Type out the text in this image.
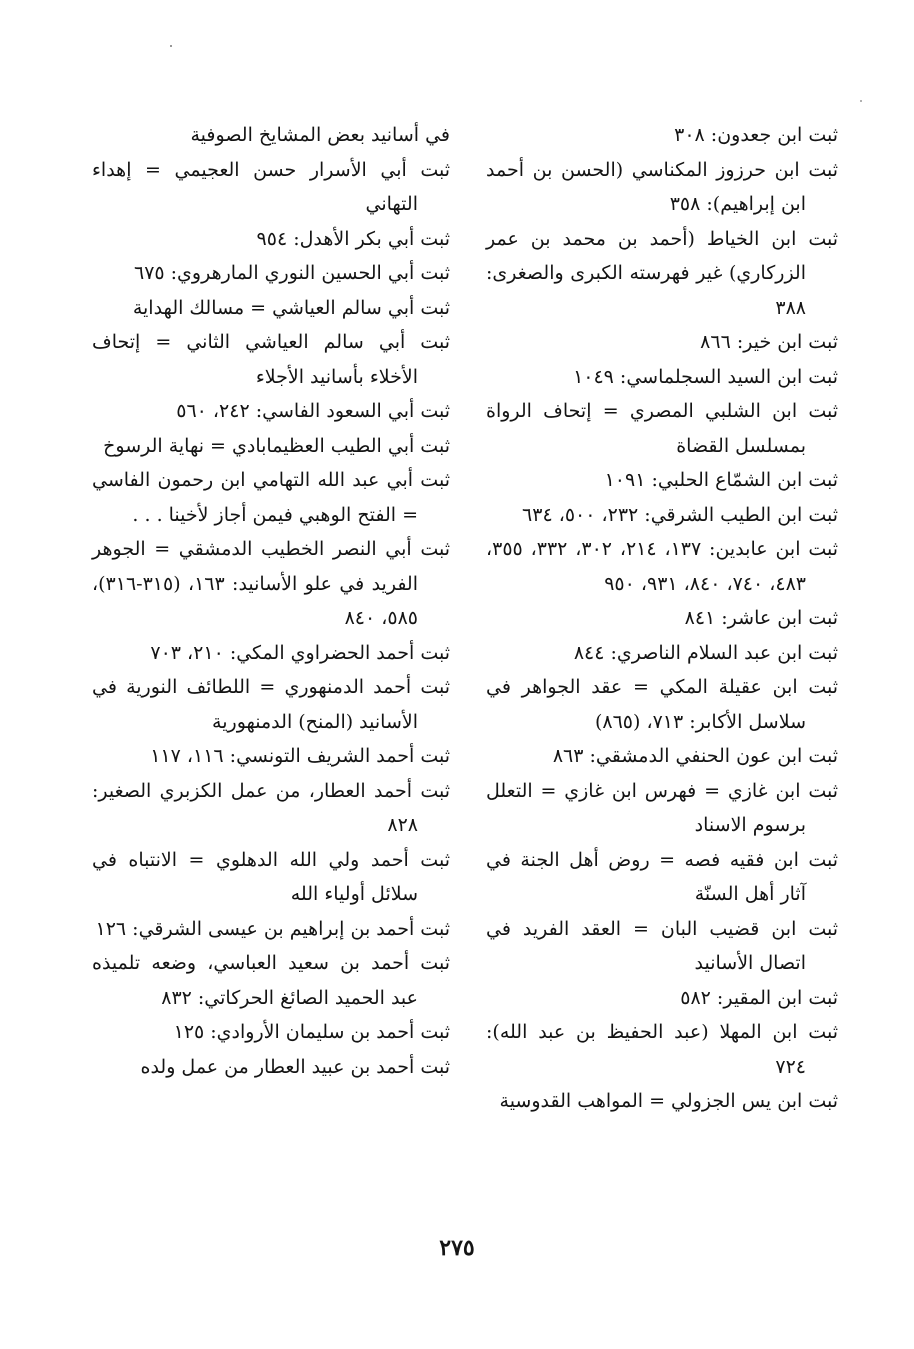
ثبت ابن جعدون: ٣٠٨
ثبت ابن حرزوز المكناسي (الحسن بن أحمد ابن إبراهيم): ٣٥٨
ثبت ابن الخياط (أحمد بن محمد بن عمر الزركاري) غير فهرسته الكبرى والصغرى: ٣٨٨
ثبت ابن خير: ٨٦٦
ثبت ابن السيد السجلماسي: ١٠٤٩
ثبت ابن الشلبي المصري = إتحاف الرواة بمسلسل القضاة
ثبت ابن الشمّاع الحلبي: ١٠٩١
ثبت ابن الطيب الشرقي: ٢٣٢، ٥٠٠، ٦٣٤
ثبت ابن عابدين: ١٣٧، ٢١٤، ٣٠٢، ٣٣٢، ٣٥٥، ٤٨٣، ٧٤٠، ٨٤٠، ٩٣١، ٩٥٠
ثبت ابن عاشر: ٨٤١
ثبت ابن عبد السلام الناصري: ٨٤٤
ثبت ابن عقيلة المكي = عقد الجواهر في سلاسل الأكابر: ٧١٣، (٨٦٥)
ثبت ابن عون الحنفي الدمشقي: ٨٦٣
ثبت ابن غازي = فهرس ابن غازي = التعلل برسوم الاسناد
ثبت ابن فقيه فصه = روض أهل الجنة في آثار أهل السنّة
ثبت ابن قضيب البان = العقد الفريد في اتصال الأسانيد
ثبت ابن المقير: ٥٨٢
ثبت ابن المهلا (عبد الحفيظ بن عبد الله): ٧٢٤
ثبت ابن يس الجزولي = المواهب القدوسية
في أسانيد بعض المشايخ الصوفية
ثبت أبي الأسرار حسن العجيمي = إهداء التهاني
ثبت أبي بكر الأهدل: ٩٥٤
ثبت أبي الحسين النوري المارهروي: ٦٧٥
ثبت أبي سالم العياشي = مسالك الهداية
ثبت أبي سالم العياشي الثاني = إتحاف الأخلاء بأسانيد الأجلاء
ثبت أبي السعود الفاسي: ٢٤٢، ٥٦٠
ثبت أبي الطيب العظيمابادي = نهاية الرسوخ
ثبت أبي عبد الله التهامي ابن رحمون الفاسي = الفتح الوهبي فيمن أجاز لأخينا . . .
ثبت أبي النصر الخطيب الدمشقي = الجوهر الفريد في علو الأسانيد: ١٦٣، (٣١٥-٣١٦)، ٥٨٥، ٨٤٠
ثبت أحمد الحضراوي المكي: ٢١٠، ٧٠٣
ثبت أحمد الدمنهوري = اللطائف النورية في الأسانيد (المنح) الدمنهورية
ثبت أحمد الشريف التونسي: ١١٦، ١١٧
ثبت أحمد العطار، من عمل الكزبري الصغير: ٨٢٨
ثبت أحمد ولي الله الدهلوي = الانتباه في سلائل أولياء الله
ثبت أحمد بن إبراهيم بن عيسى الشرقي: ١٢٦
ثبت أحمد بن سعيد العباسي، وضعه تلميذه عبد الحميد الصائغ الحركاتي: ٨٣٢
ثبت أحمد بن سليمان الأروادي: ١٢٥
ثبت أحمد بن عبيد العطار من عمل ولده
٢٧٥
